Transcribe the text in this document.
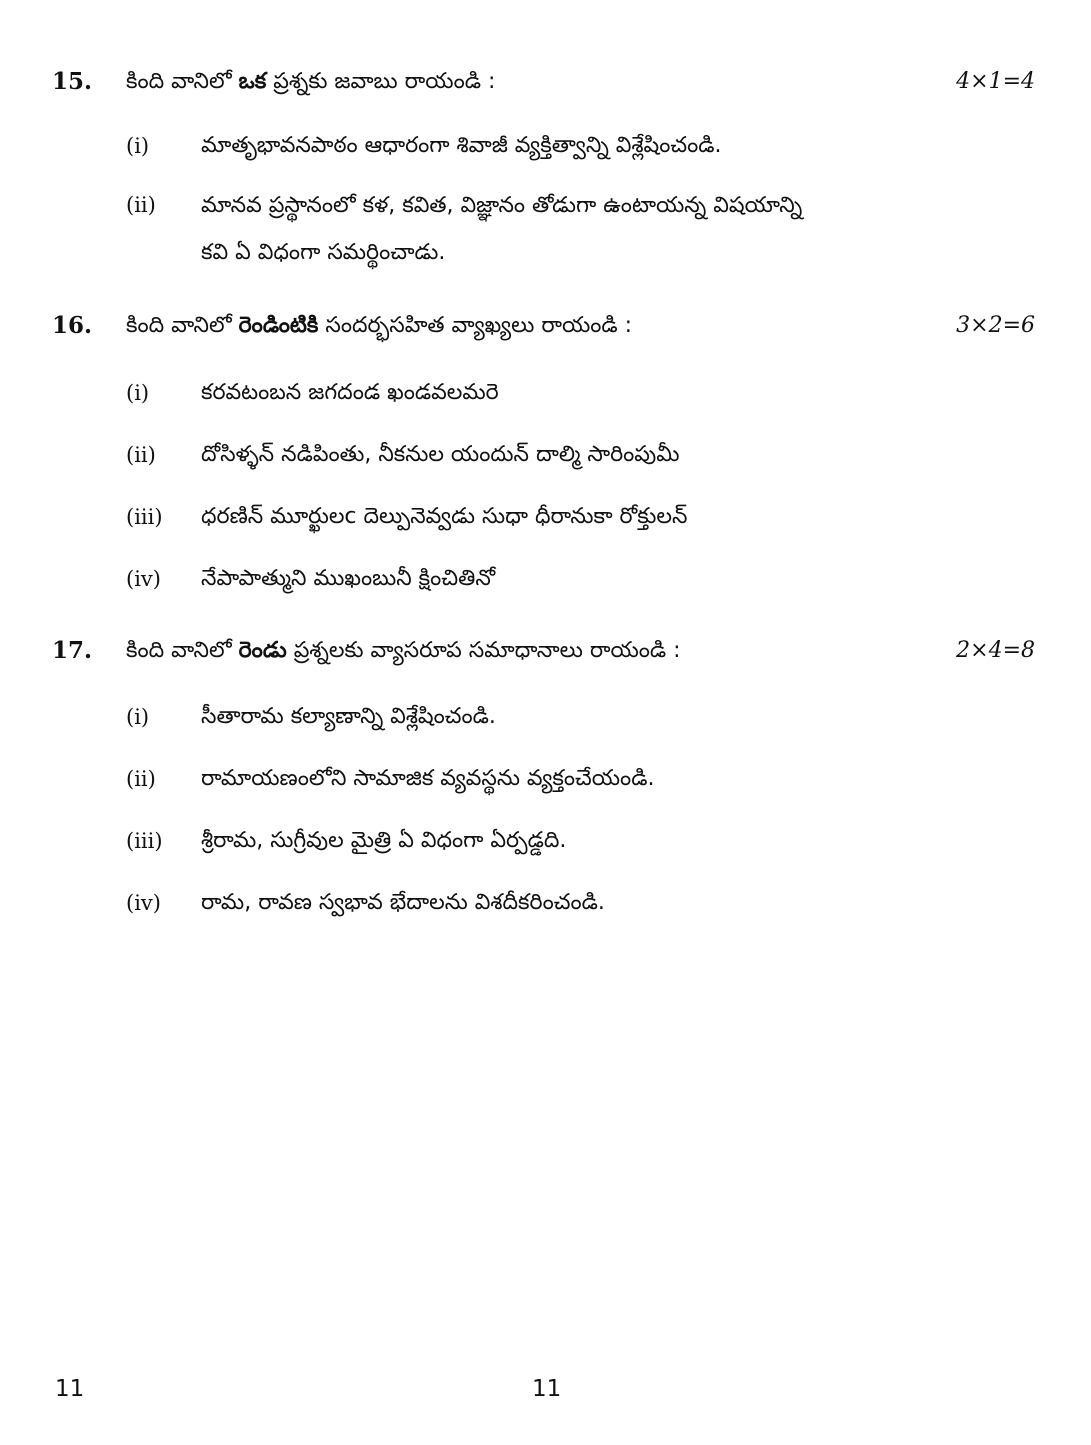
15. కింది వానిలో ఒక ప్రశ్నకు జవాబు రాయండి :	4×1=4
(i) మాతృభావనపాఠం ఆధారంగా శివాజీ వ్యక్తిత్వాన్ని విశ్లేషించండి.
(ii) మానవ ప్రస్థానంలో కళ, కవిత, విజ్ఞానం తోడుగా ఉంటాయన్న విషయాన్ని
కవి ఏ విధంగా సమర్థించాడు.
16. కింది వానిలో రెండింటికి సందర్భసహిత వ్యాఖ్యలు రాయండి :	3×2=6
(i) కరవటంబన జగదండ ఖండవలమరె
(ii) దోసిళ్ళన్ నడిపింతు, నీకనుల యందున్ దాల్మి సారింపుమీ
(iii) ధరణిన్ మూర్ఖులc దెల్పునెవ్వడు సుధా ధీరానుకా రోక్తులన్
(iv) నేపాపాత్ముని ముఖంబునీ క్షించితినో
17. కింది వానిలో రెండు ప్రశ్నలకు వ్యాసరూప సమాధానాలు రాయండి :	2×4=8
(i) సీతారామ కల్యాణాన్ని విశ్లేషించండి.
(ii) రామాయణంలోని సామాజిక వ్యవస్థను వ్యక్తంచేయండి.
(iii) శ్రీరామ, సుగ్రీవుల మైత్రి ఏ విధంగా ఏర్పడ్డది.
(iv) రామ, రావణ స్వభావ భేదాలను విశదీకరించండి.
11	11
